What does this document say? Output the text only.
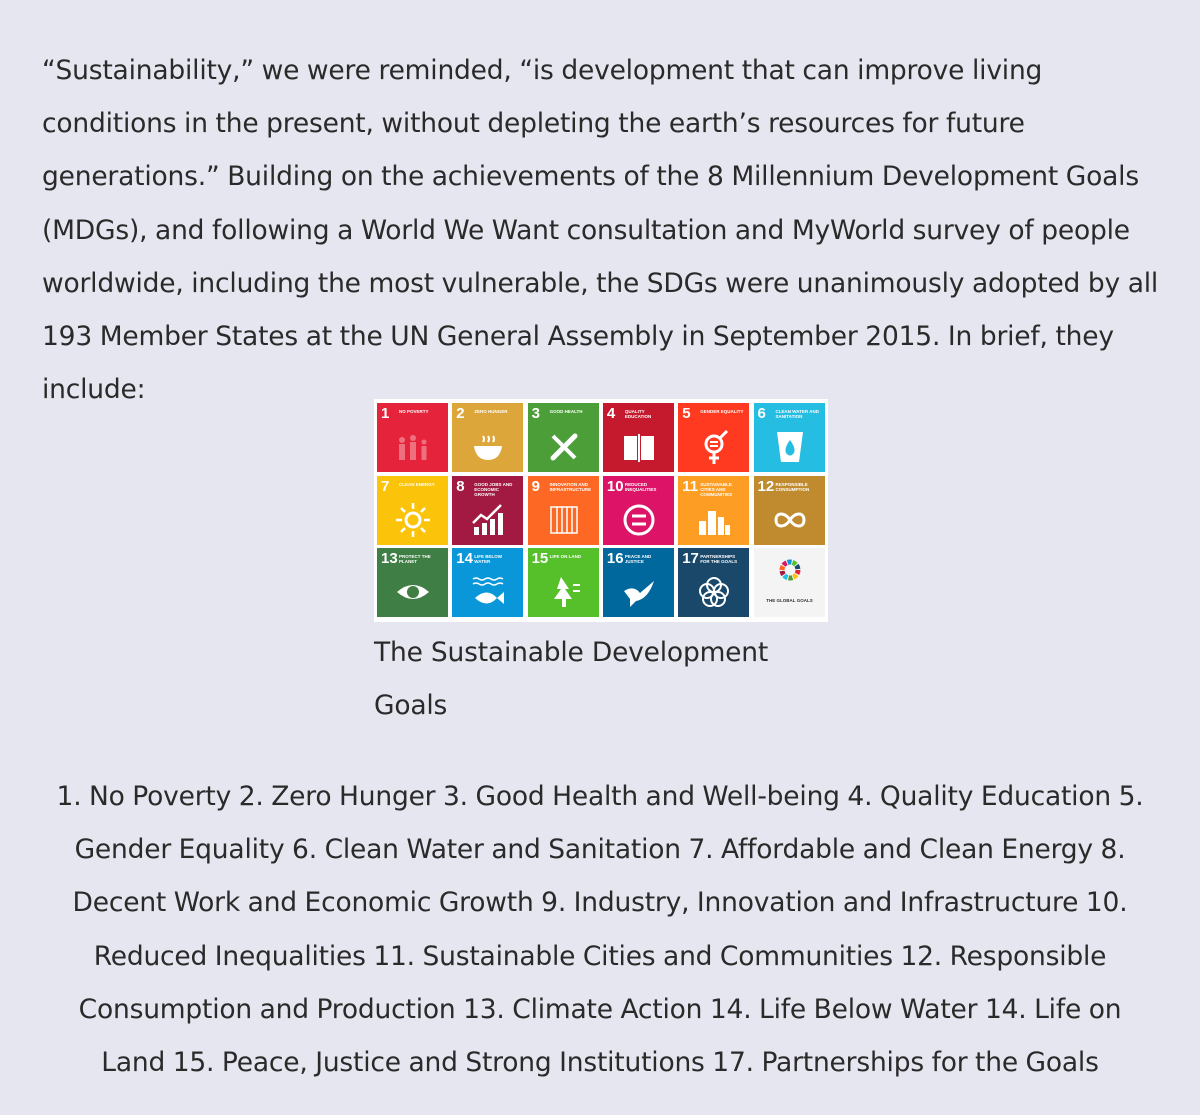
“Sustainability,” we were reminded, “is development that can improve living conditions in the present, without depleting the earth’s resources for future generations.” Building on the achievements of the 8 Millennium Development Goals (MDGs), and following a World We Want consultation and MyWorld survey of people worldwide, including the most vulnerable, the SDGs were unanimously adopted by all 193 Member States at the UN General Assembly in September 2015. In brief, they include:

1 NO POVERTY	2 ZERO HUNGER	3 GOOD HEALTH	4 QUALITY EDUCATION	5 GENDER EQUALITY 6 CLEAN WATER AND SANITATION
7 CLEAN ENERGY	8 GOOD JOBS AND ECONOMIC GROWTH	9 INNOVATION AND INFRASTRUCTURE 10 REDUCED INEQUALITIES	11 SUSTAINABLE CITIES AND COMMUNITIES	12 RESPONSIBLE CONSUMPTION
13 PROTECT THE PLANET	14 LIFE BELOW WATER	15 LIFE ON LAND	16 PEACE AND JUSTICE	17 PARTNERSHIPS FOR THE GOALS
THE GLOBAL GOALS
The Sustainable Development Goals

1. No Poverty 2. Zero Hunger 3. Good Health and Well-being 4. Quality Education 5. Gender Equality 6. Clean Water and Sanitation 7. Affordable and Clean Energy 8. Decent Work and Economic Growth 9. Industry, Innovation and Infrastructure 10. Reduced Inequalities 11. Sustainable Cities and Communities 12. Responsible Consumption and Production 13. Climate Action 14. Life Below Water 14. Life on Land 15. Peace, Justice and Strong Institutions 17. Partnerships for the Goals
